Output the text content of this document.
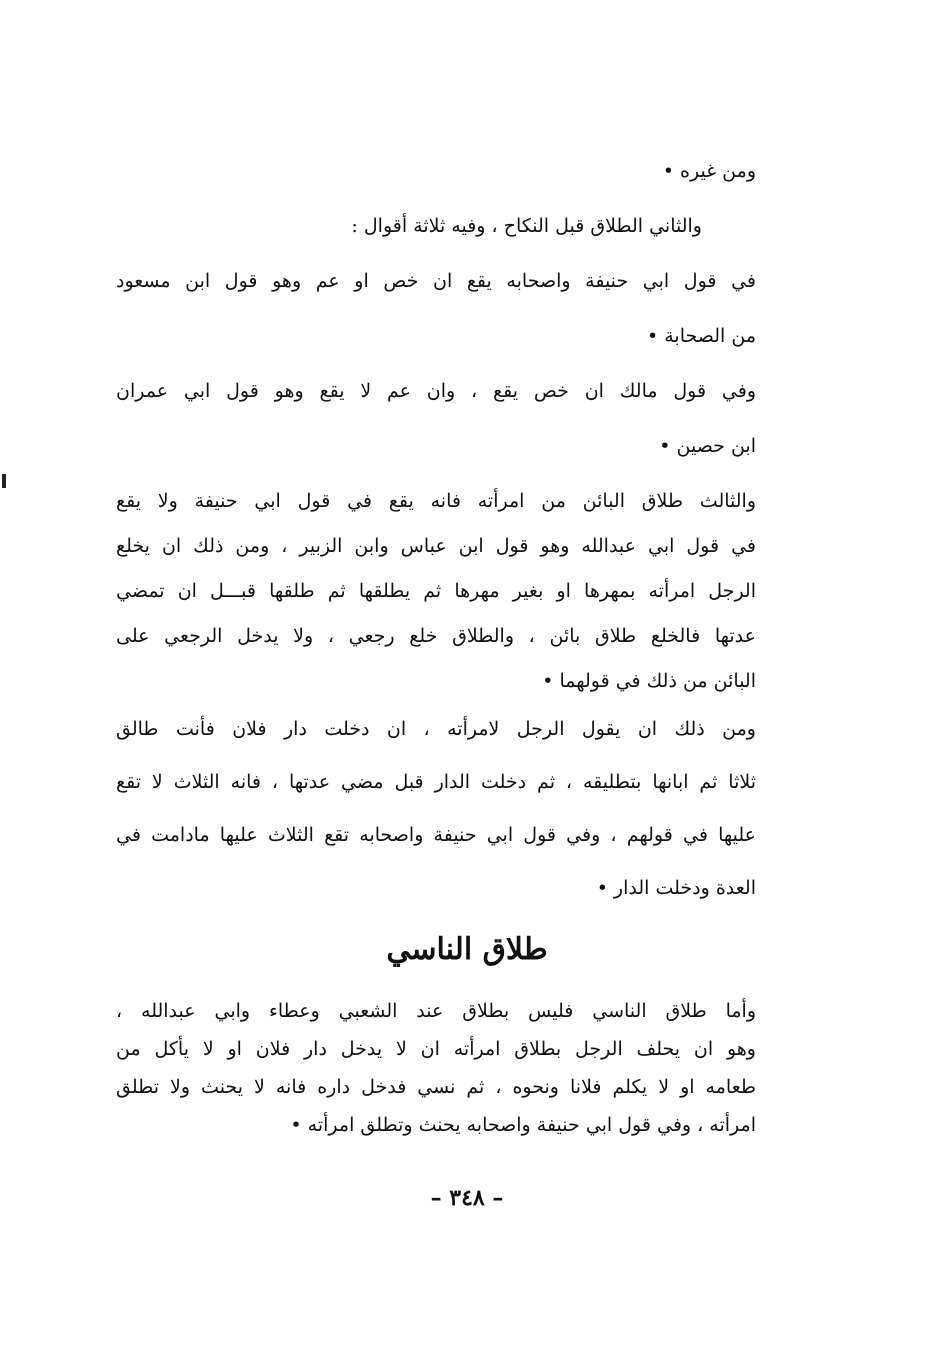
ومن غيره •

والثاني الطلاق قبل النكاح ، وفيه ثلاثة أقوال :

في قول ابي حنيفة واصحابه يقع ان خص او عم وهو قول ابن مسعود

من الصحابة •

وفي قول مالك ان خص يقع ، وان عم لا يقع وهو قول ابي عمران

ابن حصين •

والثالث طلاق البائن من امرأته فانه يقع في قول ابي حنيفة ولا يقع

في قول ابي عبدالله وهو قول ابن عباس وابن الزبير ، ومن ذلك ان يخلع

الرجل امرأته بمهرها او بغير مهرها ثم يطلقها ثم طلقها قبـــل ان تمضي

عدتها فالخلع طلاق بائن ، والطلاق خلع رجعي ، ولا يدخل الرجعي على

البائن من ذلك في قولهما •

ومن ذلك ان يقول الرجل لامرأته ، ان دخلت دار فلان فأنت طالق

ثلاثا ثم ابانها بتطليقه ، ثم دخلت الدار قبل مضي عدتها ، فانه الثلاث لا تقع

عليها في قولهم ، وفي قول ابي حنيفة واصحابه تقع الثلاث عليها مادامت في

العدة ودخلت الدار •

طلاق الناسي

وأما طلاق الناسي فليس بطلاق عند الشعبي وعطاء وابي عبدالله ،

وهو ان يحلف الرجل بطلاق امرأته ان لا يدخل دار فلان او لا يأكل من

طعامه او لا يكلم فلانا ونحوه ، ثم نسي فدخل داره فانه لا يحنث ولا تطلق

امرأته ، وفي قول ابي حنيفة واصحابه يحنث وتطلق امرأته •

– ٣٤٨ –
